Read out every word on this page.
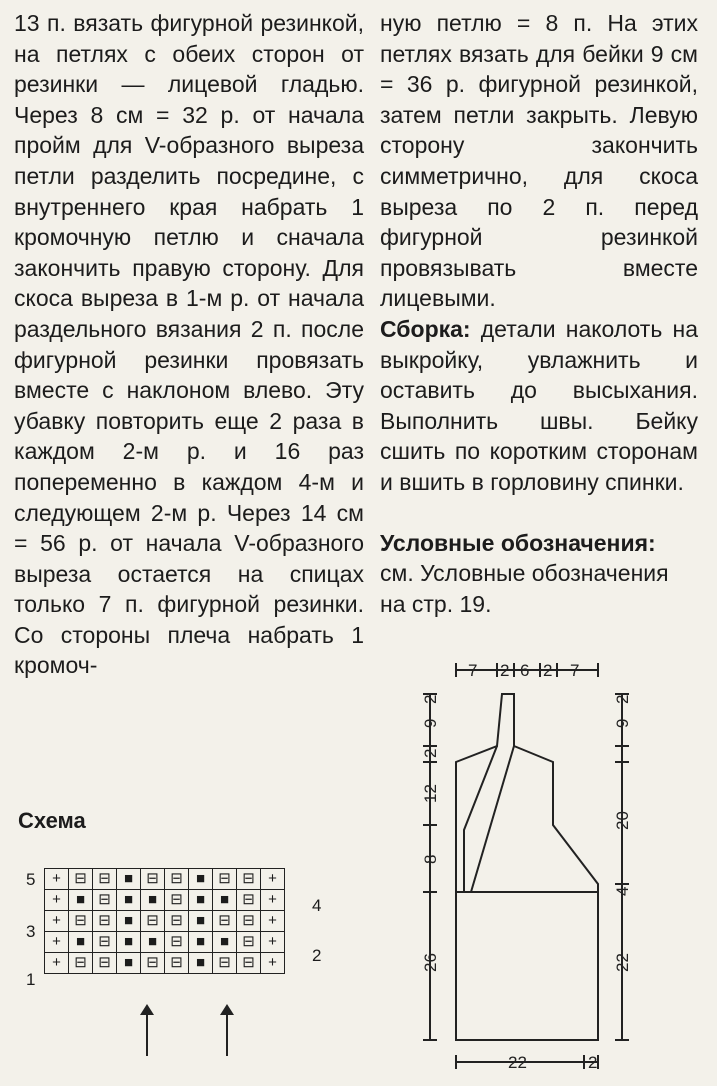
13 п. вязать фигурной резинкой, на петлях с обеих сторон от резинки — лицевой гладью. Через 8 см = 32 р. от начала пройм для V-образного выреза петли разделить посредине, с внутреннего края набрать 1 кромочную петлю и сначала закончить правую сторону. Для скоса выреза в 1-м р. от начала раздельного вязания 2 п. после фигурной резинки провязать вместе с наклоном влево. Эту убавку повторить еще 2 раза в каждом 2-м р. и 16 раз попеременно в каждом 4-м и следующем 2-м р. Через 14 см = 56 р. от начала V-образного выреза остается на спицах только 7 п. фигурной резинки. Со стороны плеча набрать 1 кромоч-

ную петлю = 8 п. На этих петлях вязать для бейки 9 см = 36 р. фигурной резинкой, затем петли закрыть. Левую сторону закончить симметрично, для скоса выреза по 2 п. перед фигурной резинкой провязывать вместе лицевыми.

Сборка: детали наколоть на выкройку, увлажнить и оставить до высыхания. Выполнить швы. Бейку сшить по коротким сторонам и вшить в горловину спинки.

Условные обозначения:

см. Условные обозначения на стр. 19.

Схема
+	⊟	⊟	■	⊟	⊟	■	⊟	⊟	+
+	■	⊟	■	■	⊟	■	■	⊟	+
+	⊟	⊟	■	⊟	⊟	■	⊟	⊟	+
+	■	⊟	■	■	⊟	■	■	⊟	+
+	⊟	⊟	■	⊟	⊟	■	⊟	⊟	+
5
3
1
4
2
7 2 6 2 7
2
9
2
12
8
26
2
9
20
4
22
22	2
